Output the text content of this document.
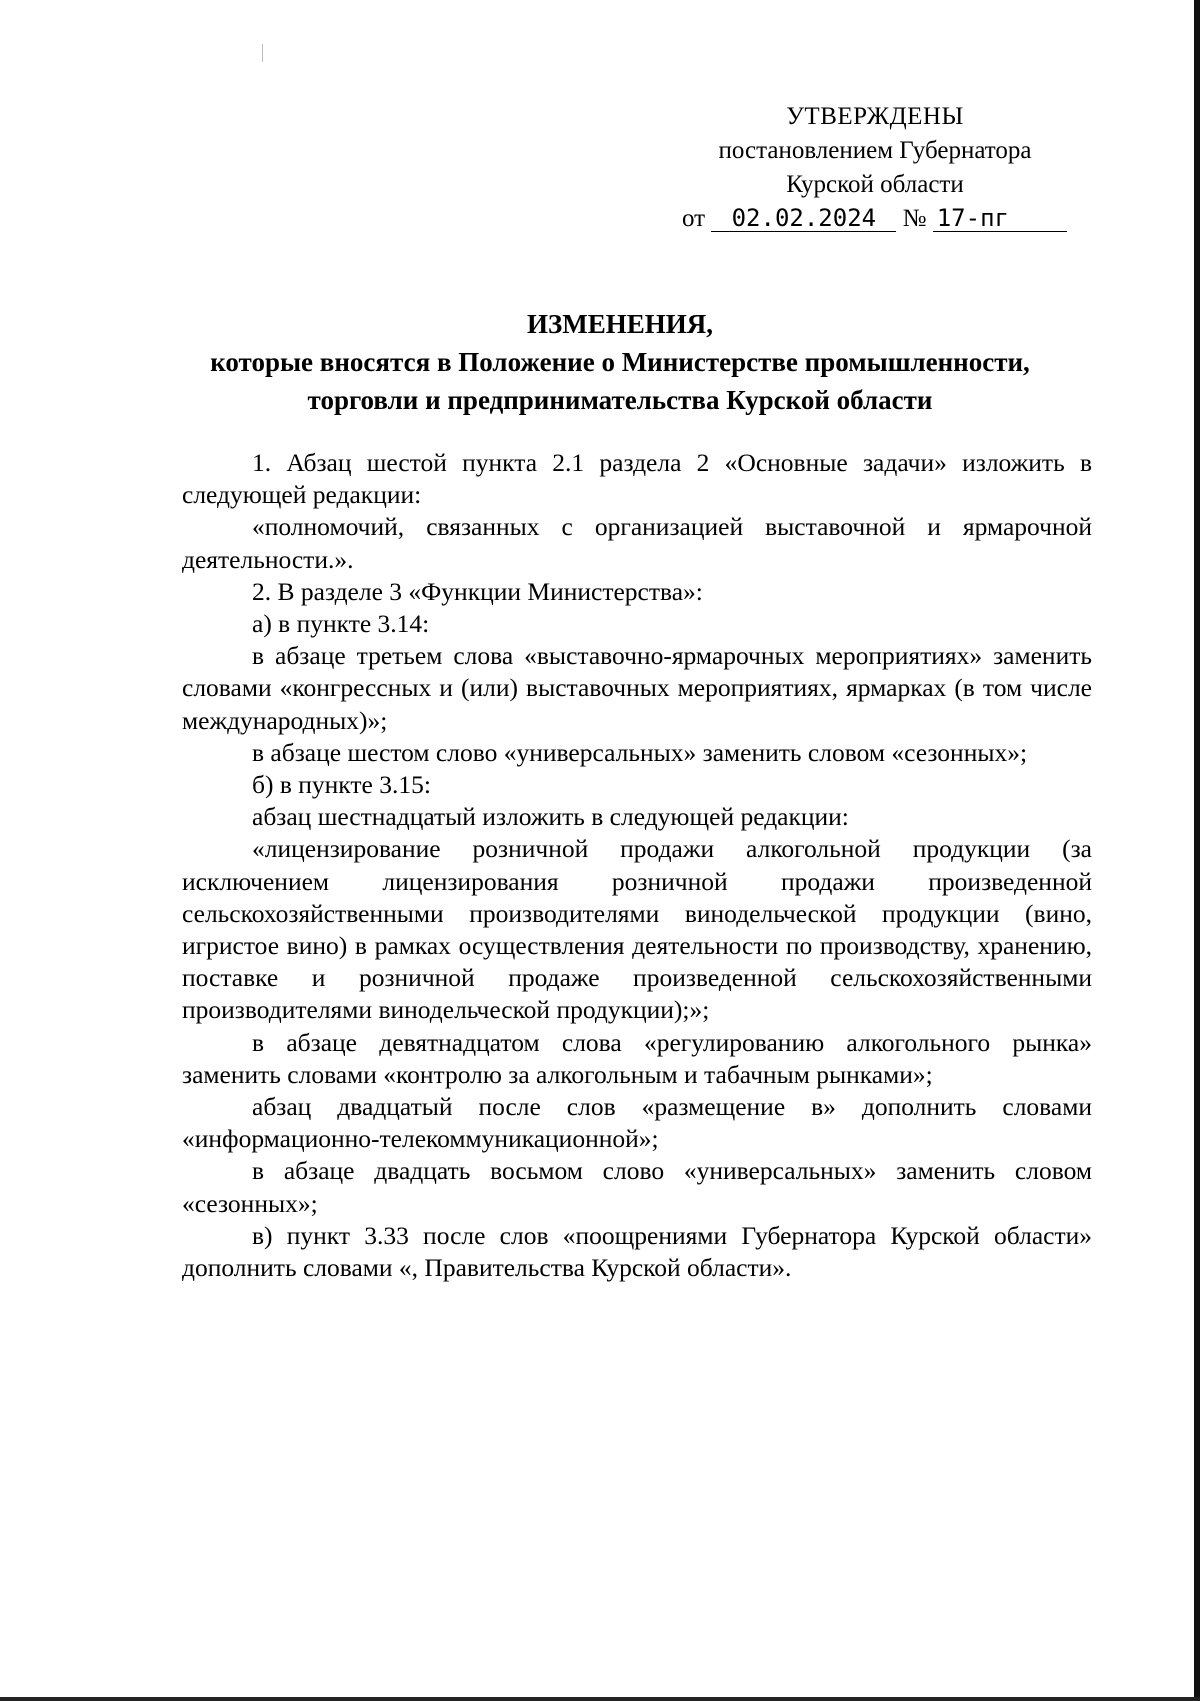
УТВЕРЖДЕНЫ

постановлением Губернатора

Курской области

от 02.02.2024 № 17-пг

ИЗМЕНЕНИЯ,

которые вносятся в Положение о Министерстве промышленности,

торговли и предпринимательства Курской области

1. Абзац шестой пункта 2.1 раздела 2 «Основные задачи» изложить в следующей редакции:

«полномочий, связанных с организацией выставочной и ярмарочной деятельности.».

2. В разделе 3 «Функции Министерства»:

а) в пункте 3.14:

в абзаце третьем слова «выставочно-ярмарочных мероприятиях» заменить словами «конгрессных и (или) выставочных мероприятиях, ярмарках (в том числе международных)»;

в абзаце шестом слово «универсальных» заменить словом «сезонных»;

б) в пункте 3.15:

абзац шестнадцатый изложить в следующей редакции:

«лицензирование розничной продажи алкогольной продукции (за исключением лицензирования розничной продажи произведенной сельскохозяйственными производителями винодельческой продукции (вино, игристое вино) в рамках осуществления деятельности по производству, хранению, поставке и розничной продаже произведенной сельскохозяйственными производителями винодельческой продукции);»;

в абзаце девятнадцатом слова «регулированию алкогольного рынка» заменить словами «контролю за алкогольным и табачным рынками»;

абзац двадцатый после слов «размещение в» дополнить словами «информационно-телекоммуникационной»;

в абзаце двадцать восьмом слово «универсальных» заменить словом «сезонных»;

в) пункт 3.33 после слов «поощрениями Губернатора Курской области» дополнить словами «, Правительства Курской области».
